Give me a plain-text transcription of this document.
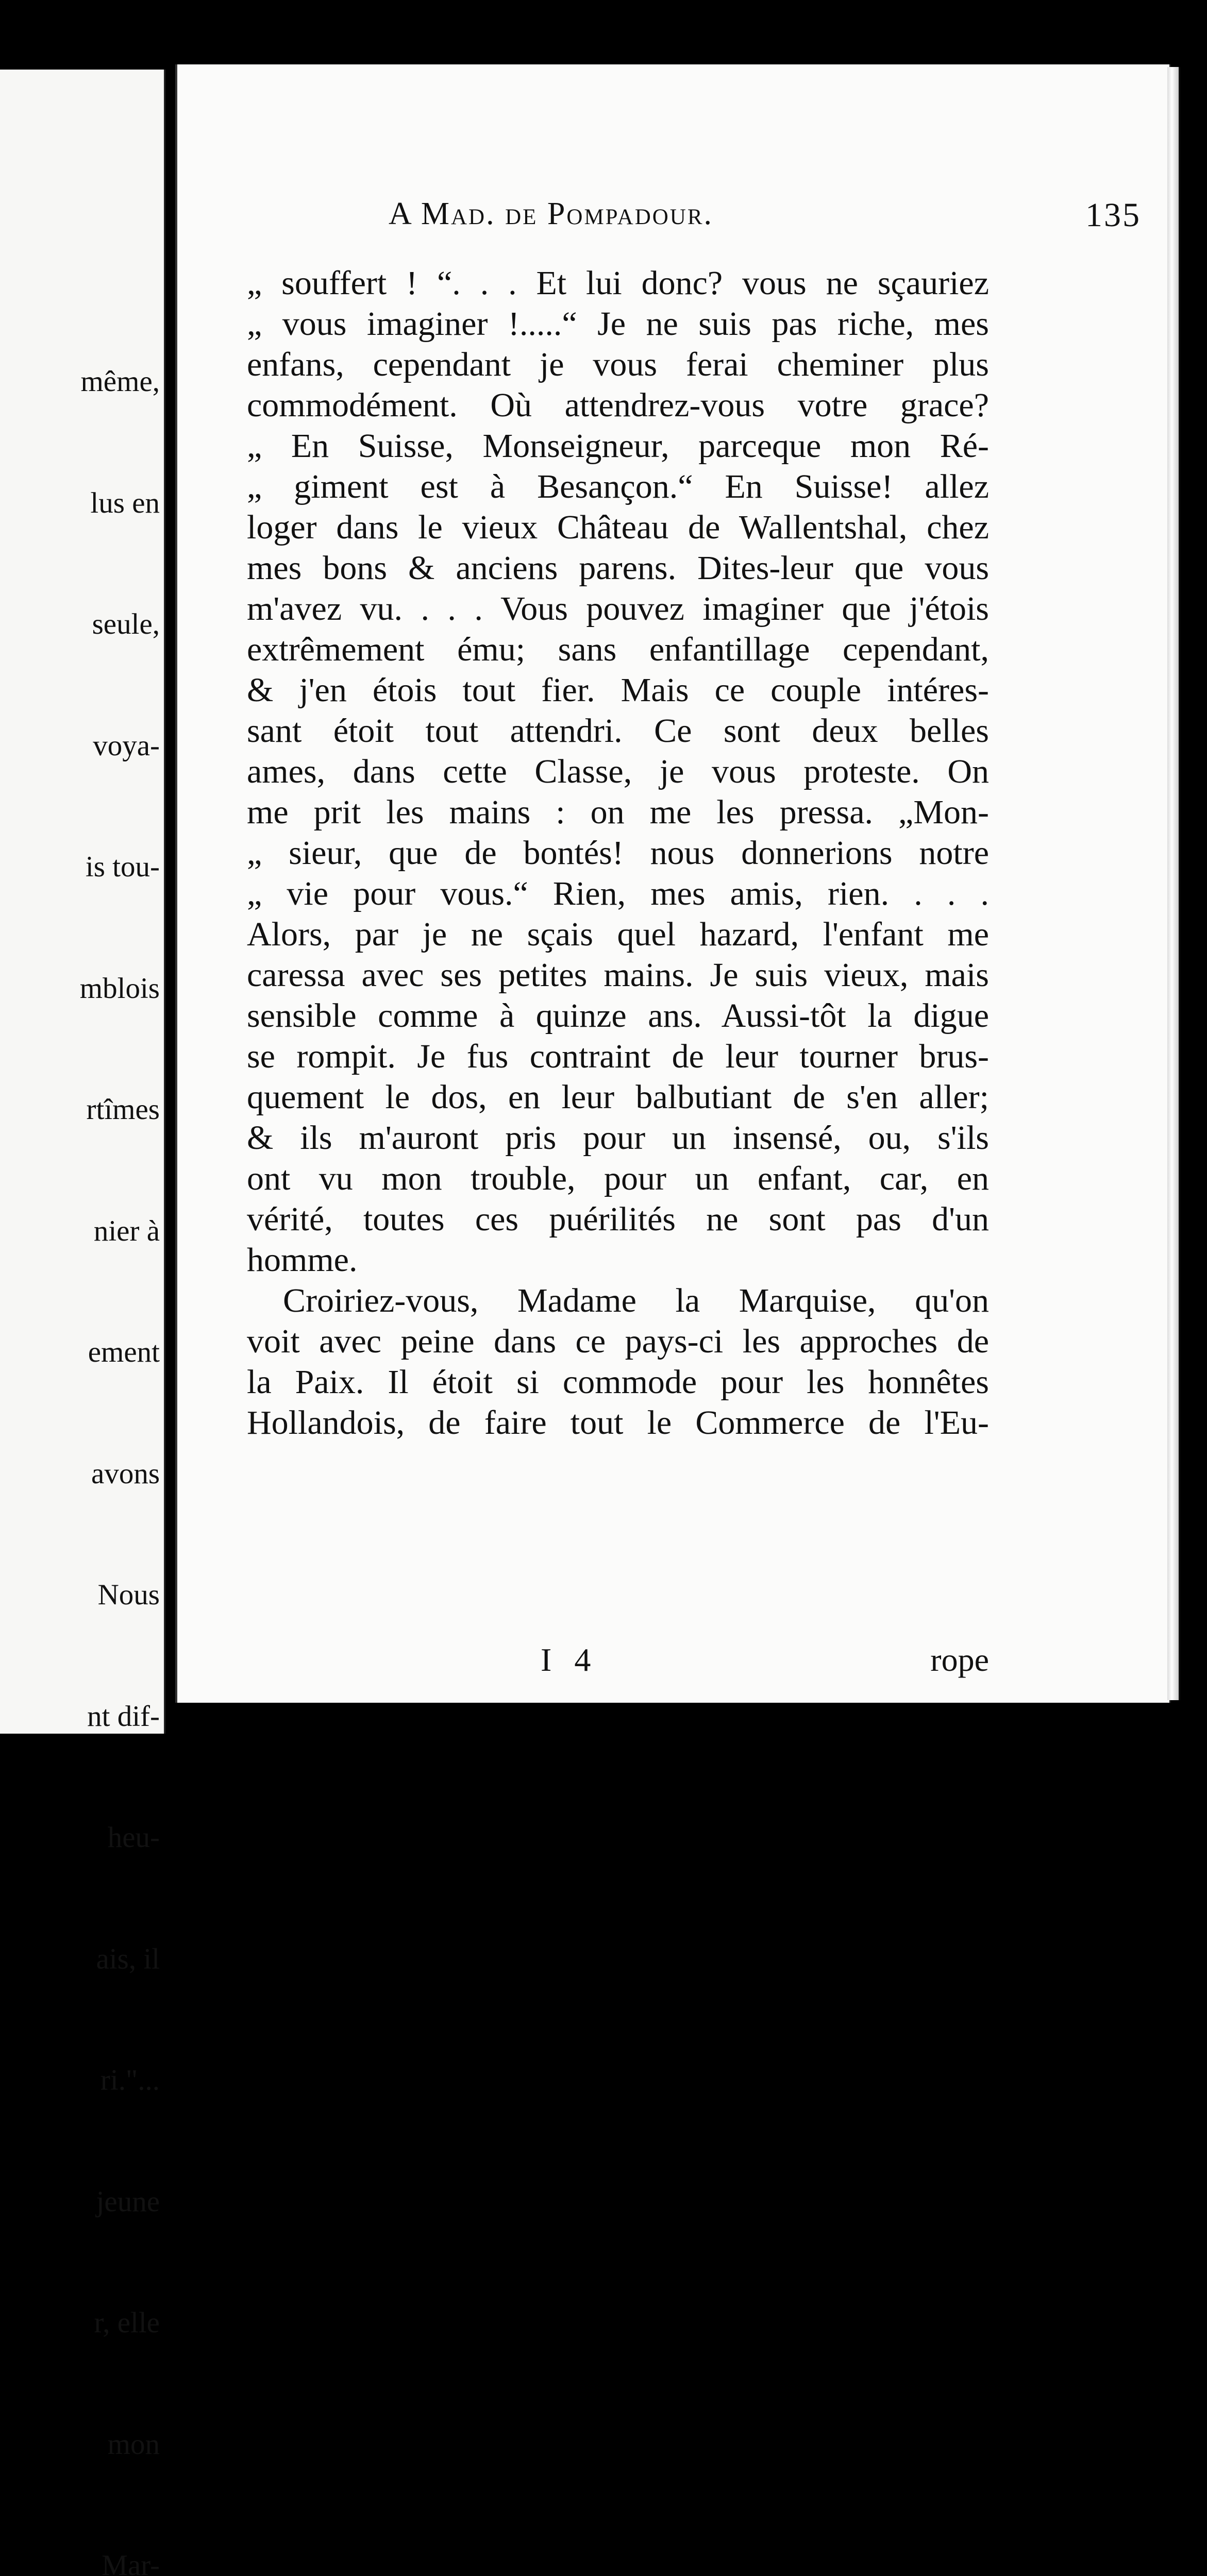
même,

lus en

seule,

voya-

is tou-

mblois

rtîmes

nier à

ement

avons

Nous

nt dif-

heu-

ais, il

ri."...

jeune

r, elle

mon

Mar-

A Mad. de Pompadour.	135
„ souffert ! “. . . Et lui donc? vous ne sçauriez
„ vous imaginer !.....“ Je ne suis pas riche, mes
enfans, cependant je vous ferai cheminer plus
commodément. Où attendrez-vous votre grace?
„ En Suisse, Monseigneur, parceque mon Ré-
„ giment est à Besançon.“ En Suisse! allez
loger dans le vieux Château de Wallentshal, chez
mes bons & anciens parens. Dites-leur que vous
m'avez vu. . . . Vous pouvez imaginer que j'étois
extrêmement ému; sans enfantillage cependant,
& j'en étois tout fier. Mais ce couple intéres-
sant étoit tout attendri. Ce sont deux belles
ames, dans cette Classe, je vous proteste. On
me prit les mains : on me les pressa. „Mon-
„ sieur, que de bontés! nous donnerions notre
„ vie pour vous.“ Rien, mes amis, rien. . . .
Alors, par je ne sçais quel hazard, l'enfant me
caressa avec ses petites mains. Je suis vieux, mais
sensible comme à quinze ans. Aussi-tôt la digue
se rompit. Je fus contraint de leur tourner brus-
quement le dos, en leur balbutiant de s'en aller;
& ils m'auront pris pour un insensé, ou, s'ils
ont vu mon trouble, pour un enfant, car, en
vérité, toutes ces puérilités ne sont pas d'un
homme.
Croiriez-vous, Madame la Marquise, qu'on
voit avec peine dans ce pays-ci les approches de
la Paix. Il étoit si commode pour les honnêtes
Hollandois, de faire tout le Commerce de l'Eu-
I 4	rope
